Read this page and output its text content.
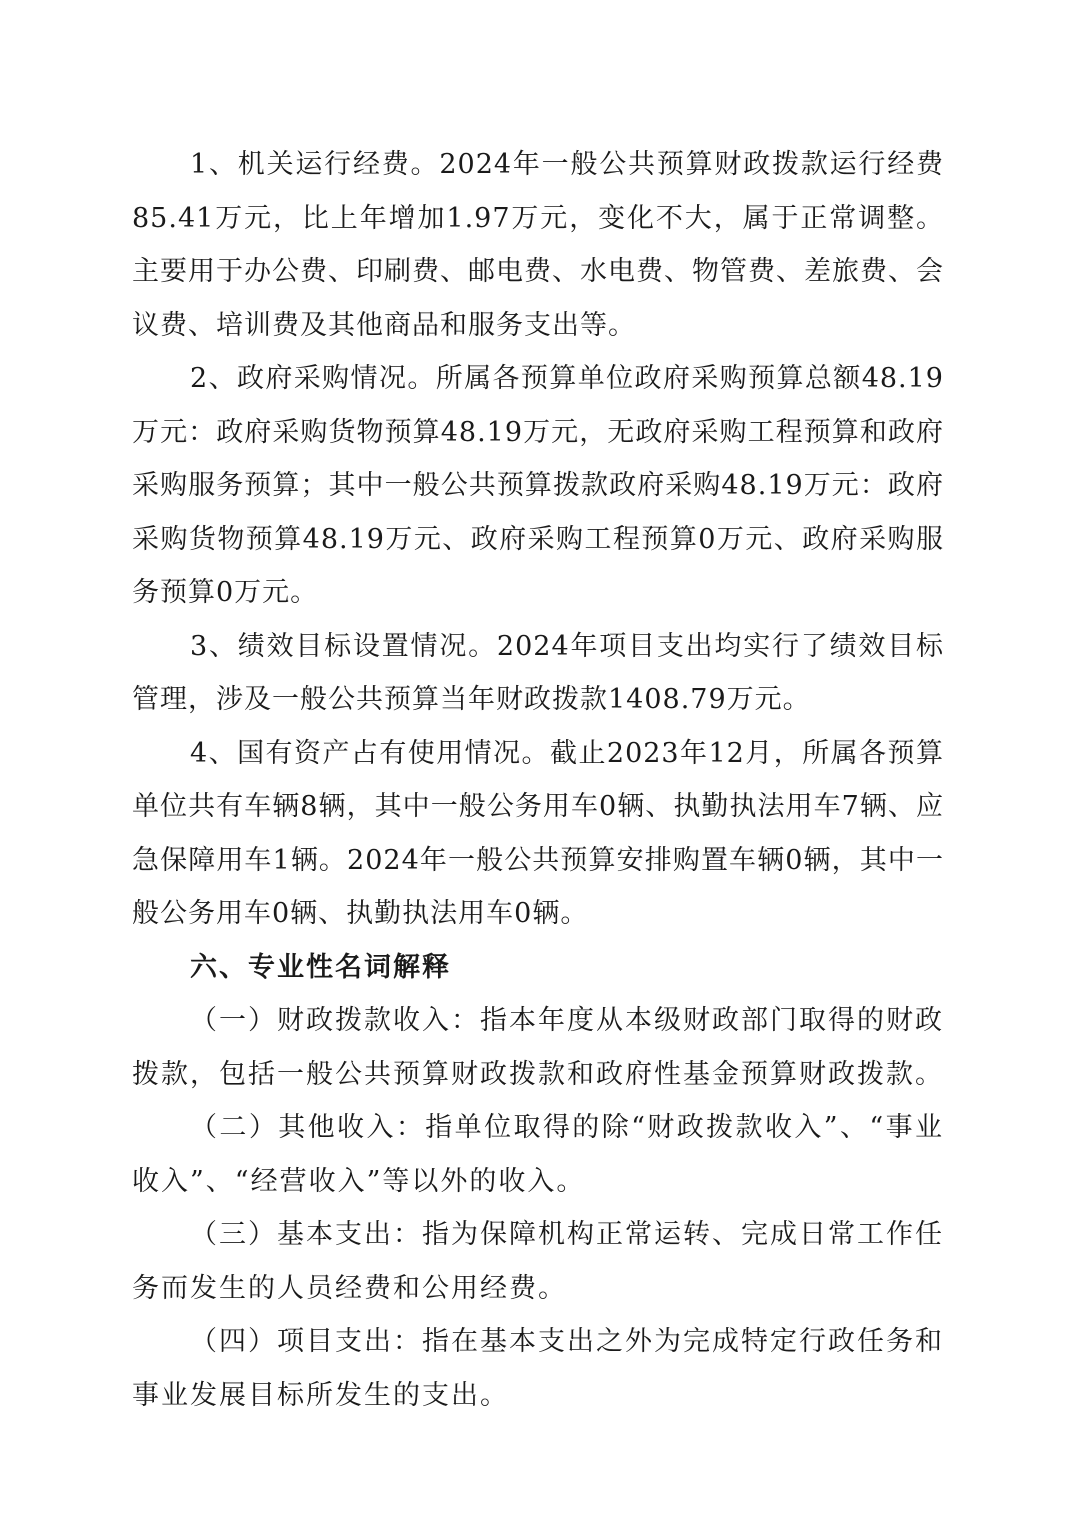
1、机关运行经费。2024年一般公共预算财政拨款运行经费85.41万元，比上年增加1.97万元，变化不大，属于正常调整。主要用于办公费、印刷费、邮电费、水电费、物管费、差旅费、会议费、培训费及其他商品和服务支出等。

2、政府采购情况。所属各预算单位政府采购预算总额48.19万元：政府采购货物预算48.19万元，无政府采购工程预算和政府采购服务预算；其中一般公共预算拨款政府采购48.19万元：政府采购货物预算48.19万元、政府采购工程预算0万元、政府采购服务预算0万元。

3、绩效目标设置情况。2024年项目支出均实行了绩效目标管理，涉及一般公共预算当年财政拨款1408.79万元。

4、国有资产占有使用情况。截止2023年12月，所属各预算单位共有车辆8辆，其中一般公务用车0辆、执勤执法用车7辆、应急保障用车1辆。2024年一般公共预算安排购置车辆0辆，其中一般公务用车0辆、执勤执法用车0辆。

六、专业性名词解释

（一）财政拨款收入：指本年度从本级财政部门取得的财政拨款，包括一般公共预算财政拨款和政府性基金预算财政拨款。

（二）其他收入：指单位取得的除“财政拨款收入”、“事业收入”、“经营收入”等以外的收入。

（三）基本支出：指为保障机构正常运转、完成日常工作任务而发生的人员经费和公用经费。

（四）项目支出：指在基本支出之外为完成特定行政任务和事业发展目标所发生的支出。
